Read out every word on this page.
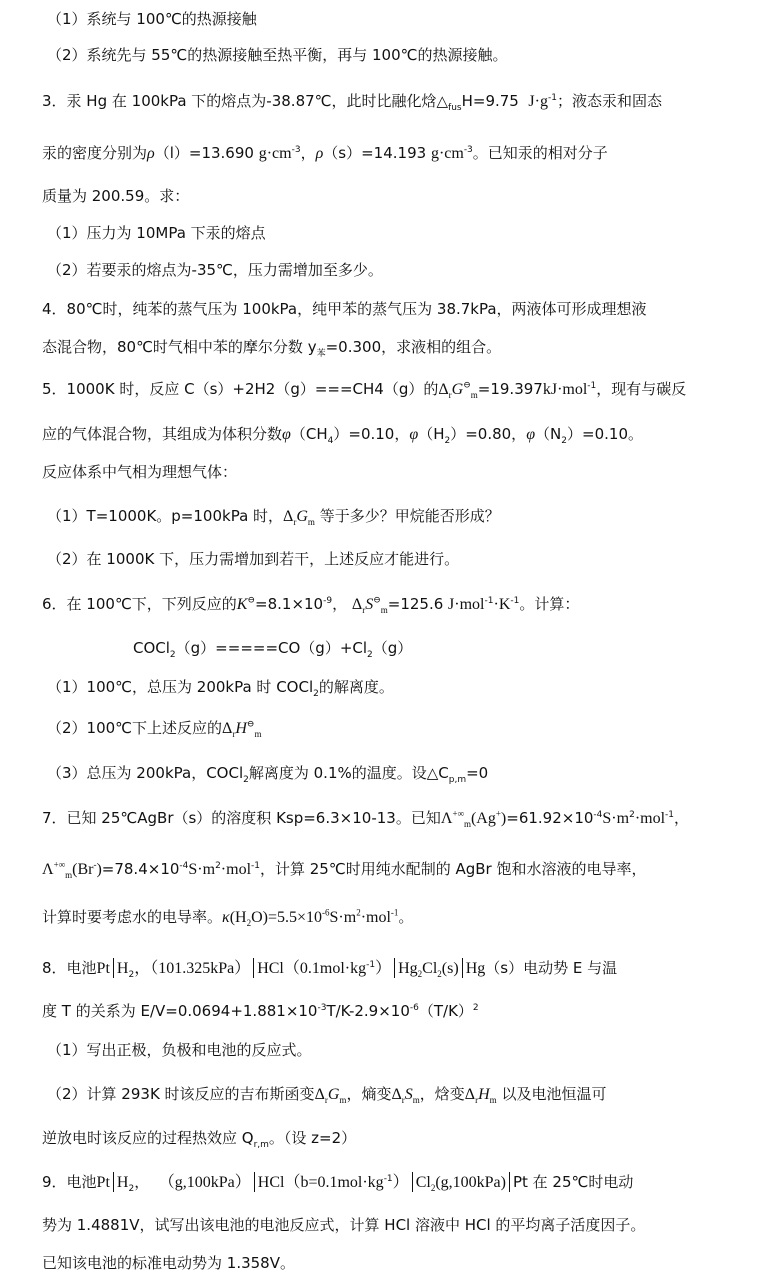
（1）系统与 100℃的热源接触
（2）系统先与 55℃的热源接触至热平衡，再与 100℃的热源接触。
3．汞 Hg 在 100kPa 下的熔点为-38.87℃，此时比融化焓$\triangle_{fus}H=9.75$ $J\cdot g^{-1}$；液态汞和固态
汞的密度分别为ρ（l）=13.690 $g\cdot cm^{-3}$，ρ（s）=14.193 $g\cdot cm^{-3}$。已知汞的相对分子
质量为 200.59。求：
（1）压力为 10MPa 下汞的熔点
（2）若要汞的熔点为-35℃，压力需增加至多少。
4．80℃时，纯苯的蒸气压为 100kPa，纯甲苯的蒸气压为 38.7kPa，两液体可形成理想液
态混合物，80℃时气相中苯的摩尔分数 $y_苯=0.300$，求液相的组合。
5．1000K 时，反应 C（s）+2H2（g）===CH4（g）的$\Delta_rG^⊖_m=19.397kJ\cdot mol^{-1}$，现有与碳反
应的气体混合物，其组成为体积分数$\varphi(CH_4)=0.10$，$\varphi(H_2)=0.80$，$\varphi(N_2)=0.10$。
反应体系中气相为理想气体：
（1）T=1000K。p=100kPa 时，$\Delta_rG_m$ 等于多少？甲烷能否形成？
（2）在 1000K 下，压力需增加到若干，上述反应才能进行。
6．在 100℃下，下列反应的$K^⊖=8.1\times 10^{-9}$， $\Delta_rS^⊖_m=125.6$ $J\cdot mol^{-1}\cdot K^{-1}$。计算：
$COCl_2(g)=====CO(g)+Cl_2(g)$
（1）100℃，总压为 200kPa 时 COCl$_2$的解离度。
（2）100℃下上述反应的$\Delta_rH^⊖_m$
（3）总压为 200kPa，COCl$_2$解离度为 0.1%的温度。设$\triangle C_{p,m}=0$
7．已知 25℃AgBr（s）的溶度积 Ksp=6.3×10-13。已知$\Lambda^{+\infty}_m(Ag^+)=61.92\times 10^{-4}S\cdot m^2\cdot mol^{-1}$，
$\Lambda^{+\infty}_m(Br^-)=78.4\times 10^{-4}S\cdot m^2\cdot mol^{-1}$，计算 25℃时用纯水配制的 AgBr 饱和水溶液的电导率，
计算时要考虑水的电导率。$\kappa(H_2O)=5.5\times 10^{-6}S\cdot m^2\cdot mol^{-1}$。
8．电池Pt $H_2$，（101.325kPa） $HCl(0.1mol\cdot kg^{-1})$ $Hg_2Cl_2(s)$ Hg（s）电动势 E 与温
度 T 的关系为 $E/V=0.0694+1.881\times 10^{-3}T/K-2.9\times 10^{-6}(T/K)^2$
（1）写出正极，负极和电池的反应式。
（2）计算 293K 时该反应的吉布斯函变$\Delta_rG_m$，熵变$\Delta_rS_m$，焓变$\Delta_rH_m$ 以及电池恒温可
逆放电时该反应的过程热效应 $Q_{r,m}$。（设 z=2）
9．电池Pt $H_2$， （g,100kPa） $HCl(b=0.1mol\cdot kg^{-1})$ $Cl_2(g,100kPa)$ Pt 在 25℃时电动
势为 1.4881V，试写出该电池的电池反应式，计算 HCl 溶液中 HCl 的平均离子活度因子。
已知该电池的标准电动势为 1.358V。
